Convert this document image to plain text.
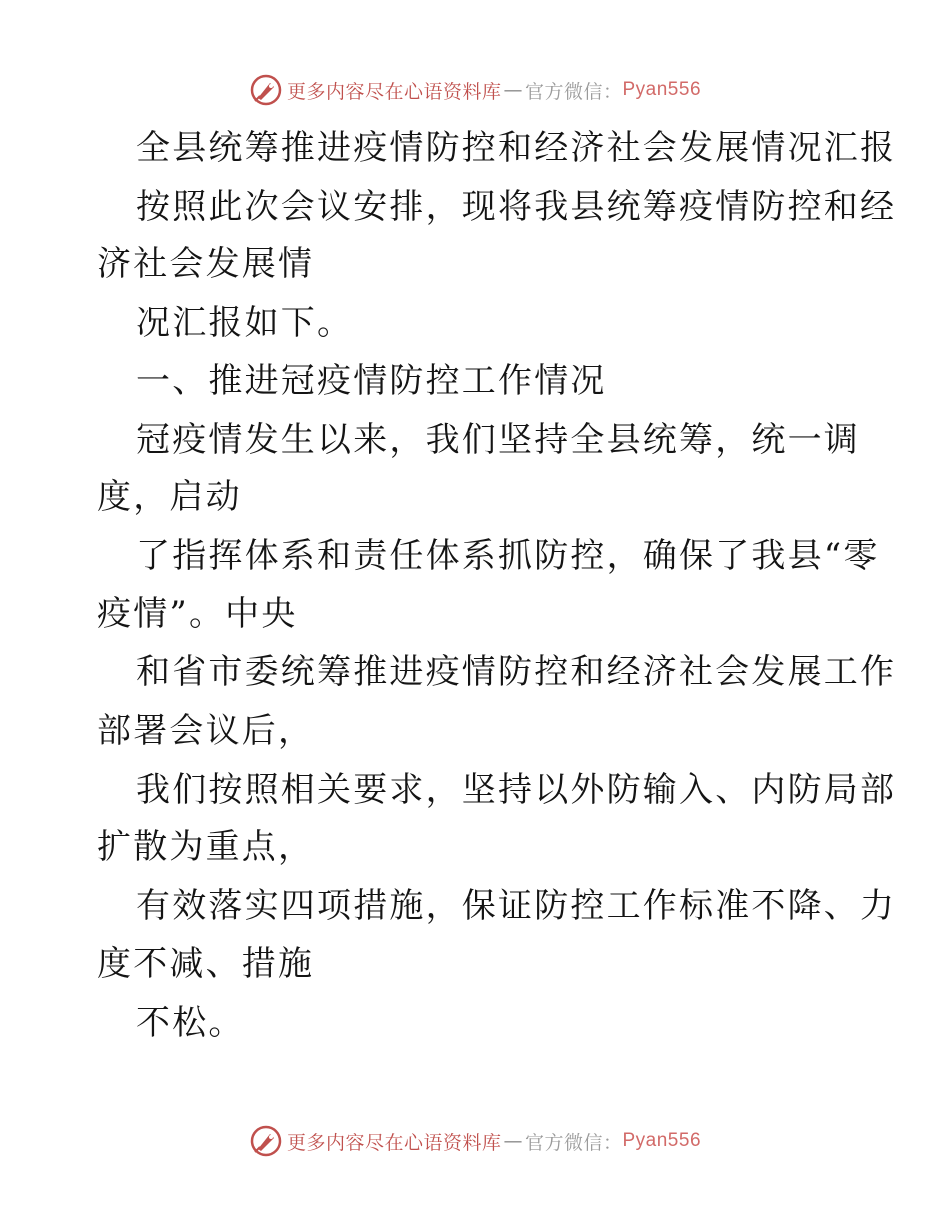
更多内容尽在心语资料库 — 官方微信： Pyan556
全县统筹推进疫情防控和经济社会发展情况汇报
按照此次会议安排，现将我县统筹疫情防控和经
济社会发展情
况汇报如下。
一、推进冠疫情防控工作情况
冠疫情发生以来，我们坚持全县统筹，统一调
度，启动
了指挥体系和责任体系抓防控，确保了我县“零
疫情”。中央
和省市委统筹推进疫情防控和经济社会发展工作
部署会议后，
我们按照相关要求，坚持以外防输入、内防局部
扩散为重点，
有效落实四项措施，保证防控工作标准不降、力
度不减、措施
不松。
更多内容尽在心语资料库 — 官方微信： Pyan556
